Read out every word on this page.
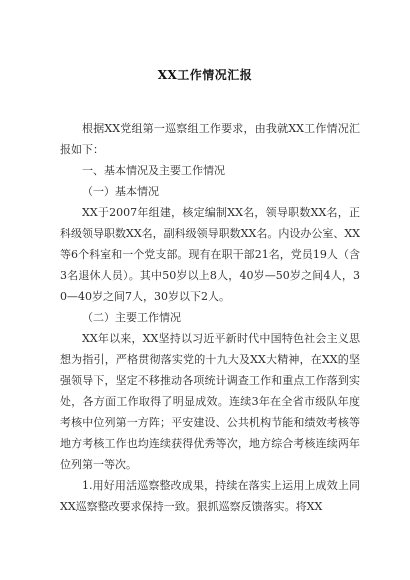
XX工作情况汇报

根据XX党组第一巡察组工作要求，由我就XX工作情况汇报如下：

一、基本情况及主要工作情况

（一）基本情况

XX于2007年组建，核定编制XX名，领导职数XX名，正科级领导职数XX名，副科级领导职数XX名。内设办公室、XX等6个科室和一个党支部。现有在职干部21名，党员19人（含3名退休人员）。其中50岁以上8人，40岁—50岁之间4人，30—40岁之间7人，30岁以下2人。

（二）主要工作情况

XX年以来，XX坚持以习近平新时代中国特色社会主义思想为指引，严格贯彻落实党的十九大及XX大精神，在XX的坚强领导下，坚定不移推动各项统计调查工作和重点工作落到实处，各方面工作取得了明显成效。连续3年在全省市级队年度考核中位列第一方阵；平安建设、公共机构节能和绩效考核等地方考核工作也均连续获得优秀等次，地方综合考核连续两年位列第一等次。

1.用好用活巡察整改成果，持续在落实上运用上成效上同XX巡察整改要求保持一致。狠抓巡察反馈落实。将XX
